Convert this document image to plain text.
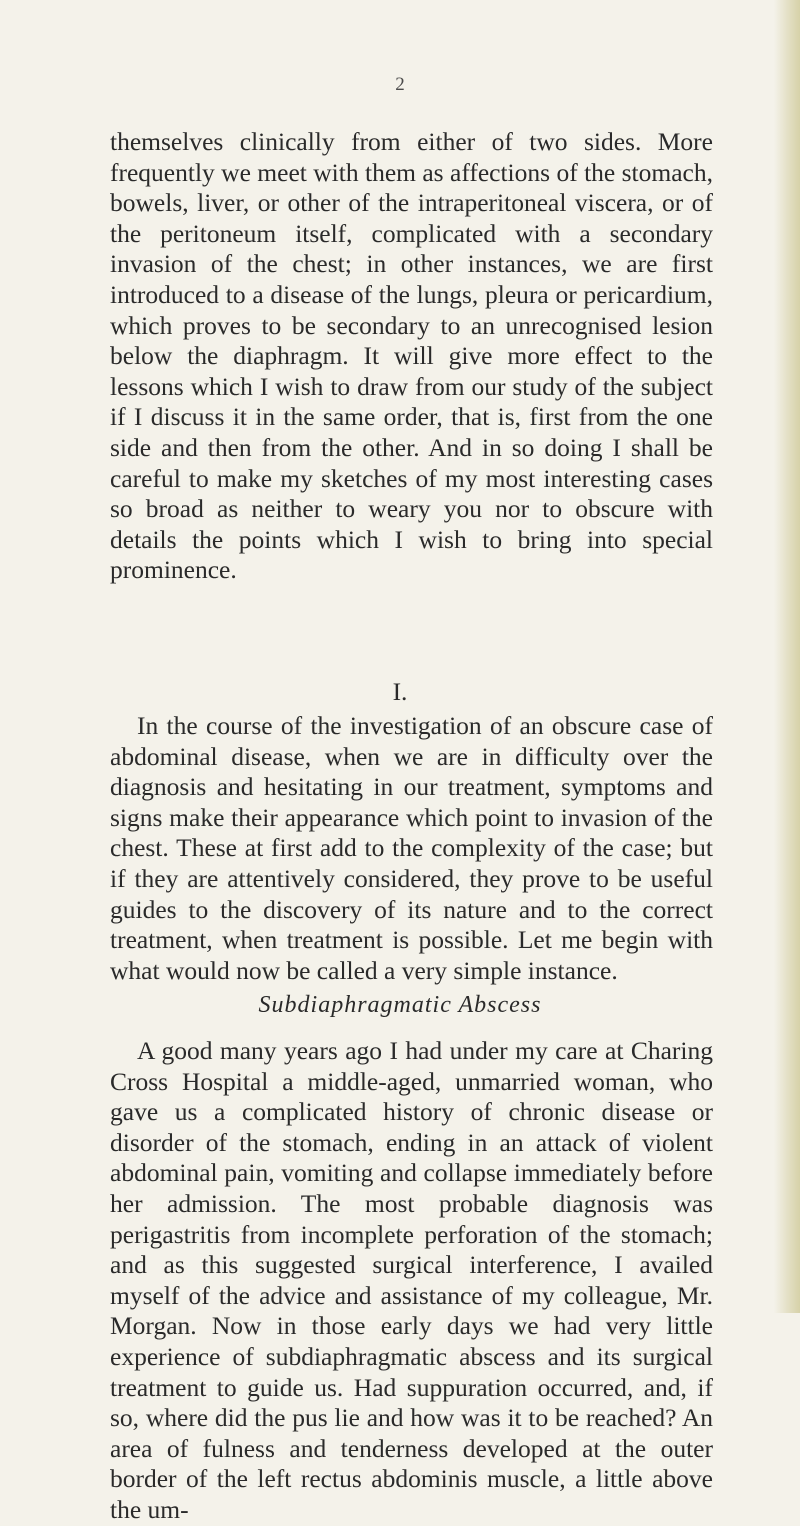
2

themselves clinically from either of two sides. More frequently we meet with them as affections of the stomach, bowels, liver, or other of the intraperitoneal viscera, or of the peritoneum itself, complicated with a secondary invasion of the chest; in other instances, we are first introduced to a disease of the lungs, pleura or pericardium, which proves to be secondary to an unrecognised lesion below the diaphragm. It will give more effect to the lessons which I wish to draw from our study of the subject if I discuss it in the same order, that is, first from the one side and then from the other. And in so doing I shall be careful to make my sketches of my most interesting cases so broad as neither to weary you nor to obscure with details the points which I wish to bring into special prominence.

I.

In the course of the investigation of an obscure case of abdominal disease, when we are in difficulty over the diagnosis and hesitating in our treatment, symptoms and signs make their appearance which point to invasion of the chest. These at first add to the complexity of the case; but if they are attentively considered, they prove to be useful guides to the discovery of its nature and to the correct treatment, when treatment is possible. Let me begin with what would now be called a very simple instance.

Subdiaphragmatic Abscess

A good many years ago I had under my care at Charing Cross Hospital a middle-aged, unmarried woman, who gave us a complicated history of chronic disease or disorder of the stomach, ending in an attack of violent abdominal pain, vomiting and collapse immediately before her admission. The most probable diagnosis was perigastritis from incomplete perforation of the stomach; and as this suggested surgical interference, I availed myself of the advice and assistance of my colleague, Mr. Morgan. Now in those early days we had very little experience of subdiaphragmatic abscess and its surgical treatment to guide us. Had suppuration occurred, and, if so, where did the pus lie and how was it to be reached? An area of fulness and tenderness developed at the outer border of the left rectus abdominis muscle, a little above the um-
